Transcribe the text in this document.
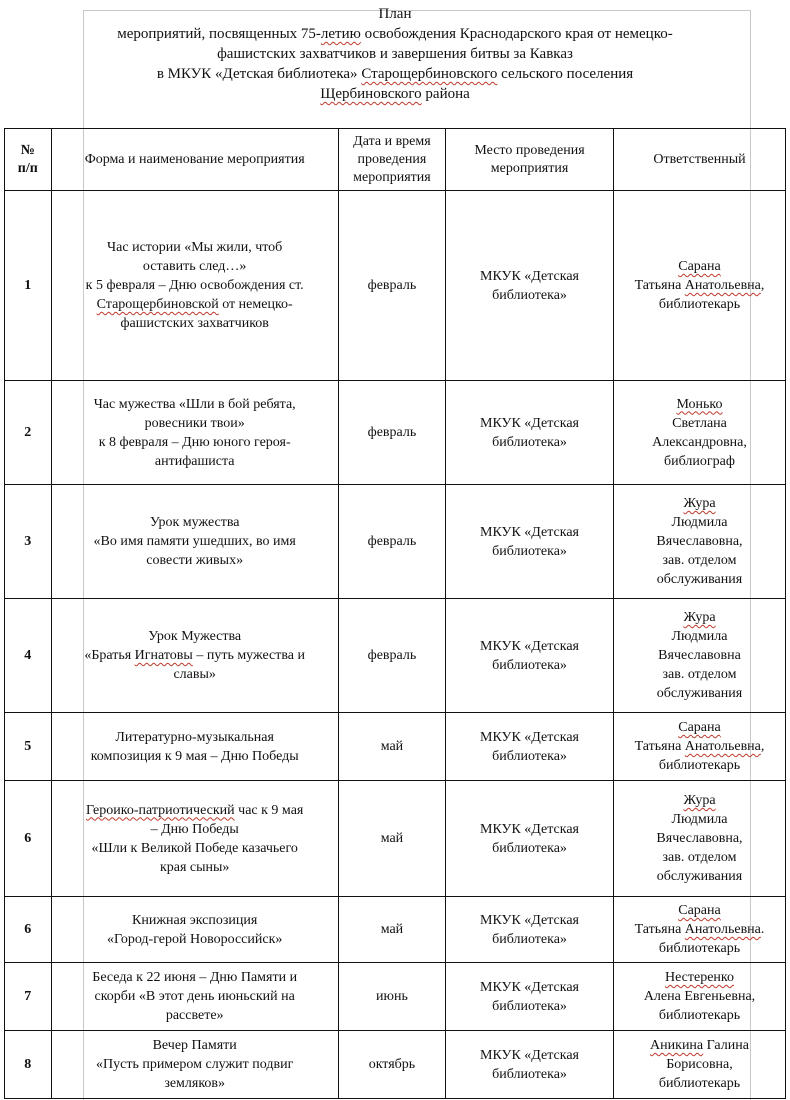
План
мероприятий, посвященных 75-летию освобождения Краснодарского края от немецко-
фашистских захватчиков и завершения битвы за Кавказ
в МКУК «Детская библиотека» Старощербиновского сельского поселения
Щербиновского района
№
п/п	Форма и наименование мероприятия	Дата и время
проведения
мероприятия	Место проведения
мероприятия	Ответственный
1	Час истории «Мы жили, чтоб
оставить след…»
к 5 февраля – Дню освобождения ст.
Старощербиновской от немецко-
фашистских захватчиков	февраль	МКУК «Детская
библиотека»	Сарана
Татьяна Анатольевна,
библиотекарь

2	Час мужества «Шли в бой ребята,
ровесники твои»
к 8 февраля – Дню юного героя-
антифашиста	февраль	МКУК «Детская
библиотека»	Монько
Светлана
Александровна,
библиограф

3	Урок мужества
«Во имя памяти ушедших, во имя
совести живых»	февраль	МКУК «Детская
библиотека»	Жура
Людмила
Вячеславовна,
зав. отделом
обслуживания

4	Урок Мужества
«Братья Игнатовы – путь мужества и
славы»	февраль	МКУК «Детская
библиотека»	Жура
Людмила
Вячеславовна
зав. отделом
обслуживания

5	Литературно-музыкальная
композиция к 9 мая – Дню Победы	май	МКУК «Детская
библиотека»	Сарана
Татьяна Анатольевна,
библиотекарь

6	Героико-патриотический час к 9 мая
– Дню Победы
«Шли к Великой Победе казачьего
края сыны»	май	МКУК «Детская
библиотека»	Жура
Людмила
Вячеславовна,
зав. отделом
обслуживания

6	Книжная экспозиция
«Город-герой Новороссийск»	май	МКУК «Детская
библиотека»	Сарана
Татьяна Анатольевна.
библиотекарь

7	Беседа к 22 июня – Дню Памяти и
скорби «В этот день июньский на
рассвете»	июнь	МКУК «Детская
библиотека»	Нестеренко
Алена Евгеньевна,
библиотекарь

8	Вечер Памяти
«Пусть примером служит подвиг
земляков»	октябрь	МКУК «Детская
библиотека»	Аникина Галина
Борисовна,
библиотекарь
